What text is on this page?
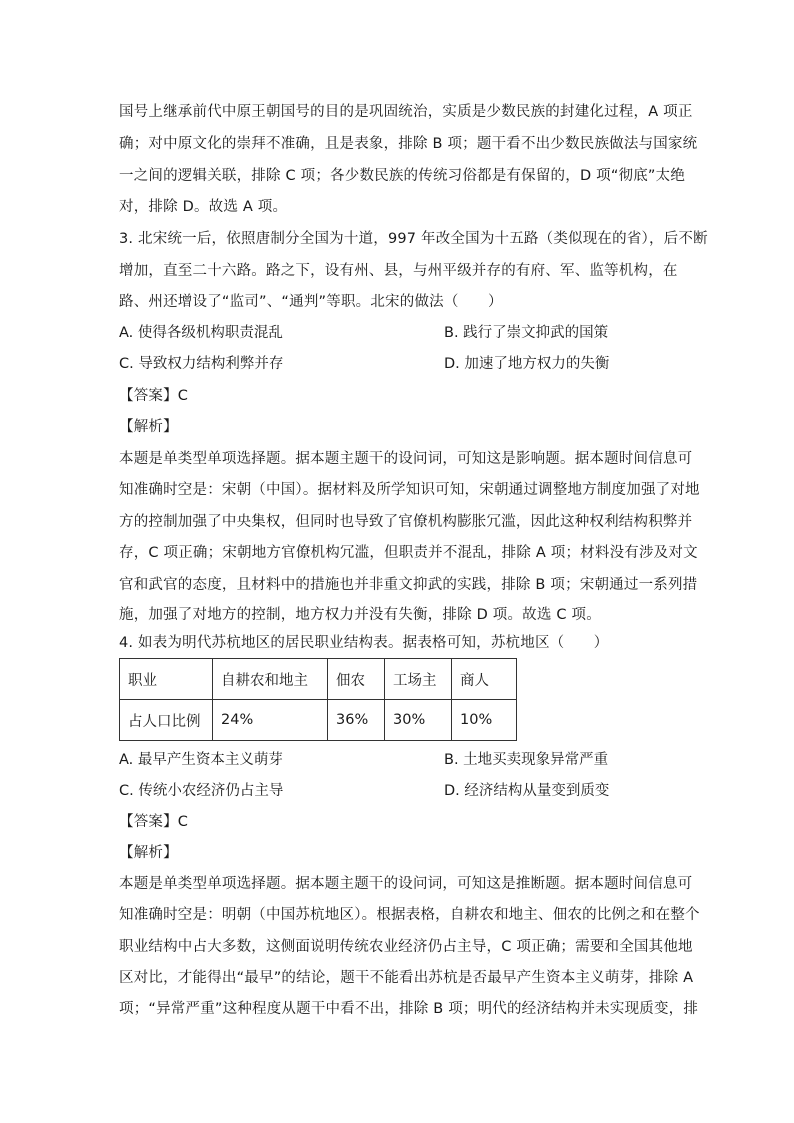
国号上继承前代中原王朝国号的目的是巩固统治，实质是少数民族的封建化过程，A 项正
确；对中原文化的崇拜不准确，且是表象，排除 B 项；题干看不出少数民族做法与国家统
一之间的逻辑关联，排除 C 项；各少数民族的传统习俗都是有保留的，D 项“彻底”太绝
对，排除 D。故选 A 项。
3. 北宋统一后，依照唐制分全国为十道，997 年改全国为十五路（类似现在的省），后不断
增加，直至二十六路。路之下，设有州、县，与州平级并存的有府、军、监等机构，在
路、州还增设了“监司”、“通判”等职。北宋的做法（　　）
A. 使得各级机构职责混乱	B. 践行了崇文抑武的国策
C. 导致权力结构利弊并存	D. 加速了地方权力的失衡
【答案】C
【解析】
本题是单类型单项选择题。据本题主题干的设问词，可知这是影响题。据本题时间信息可
知准确时空是：宋朝（中国）。据材料及所学知识可知，宋朝通过调整地方制度加强了对地
方的控制加强了中央集权，但同时也导致了官僚机构膨胀冗滥，因此这种权利结构积弊并
存，C 项正确；宋朝地方官僚机构冗滥，但职责并不混乱，排除 A 项；材料没有涉及对文
官和武官的态度，且材料中的措施也并非重文抑武的实践，排除 B 项；宋朝通过一系列措
施，加强了对地方的控制，地方权力并没有失衡，排除 D 项。故选 C 项。
4. 如表为明代苏杭地区的居民职业结构表。据表格可知，苏杭地区（　　）
职业	自耕农和地主	佃农	工场主	商人
占人口比例	24%	36%	30%	10%
A. 最早产生资本主义萌芽	B. 土地买卖现象异常严重
C. 传统小农经济仍占主导	D. 经济结构从量变到质变
【答案】C
【解析】
本题是单类型单项选择题。据本题主题干的设问词，可知这是推断题。据本题时间信息可
知准确时空是：明朝（中国苏杭地区）。根据表格，自耕农和地主、佃农的比例之和在整个
职业结构中占大多数，这侧面说明传统农业经济仍占主导，C 项正确；需要和全国其他地
区对比，才能得出“最早”的结论，题干不能看出苏杭是否最早产生资本主义萌芽，排除 A
项；“异常严重”这种程度从题干中看不出，排除 B 项；明代的经济结构并未实现质变，排
